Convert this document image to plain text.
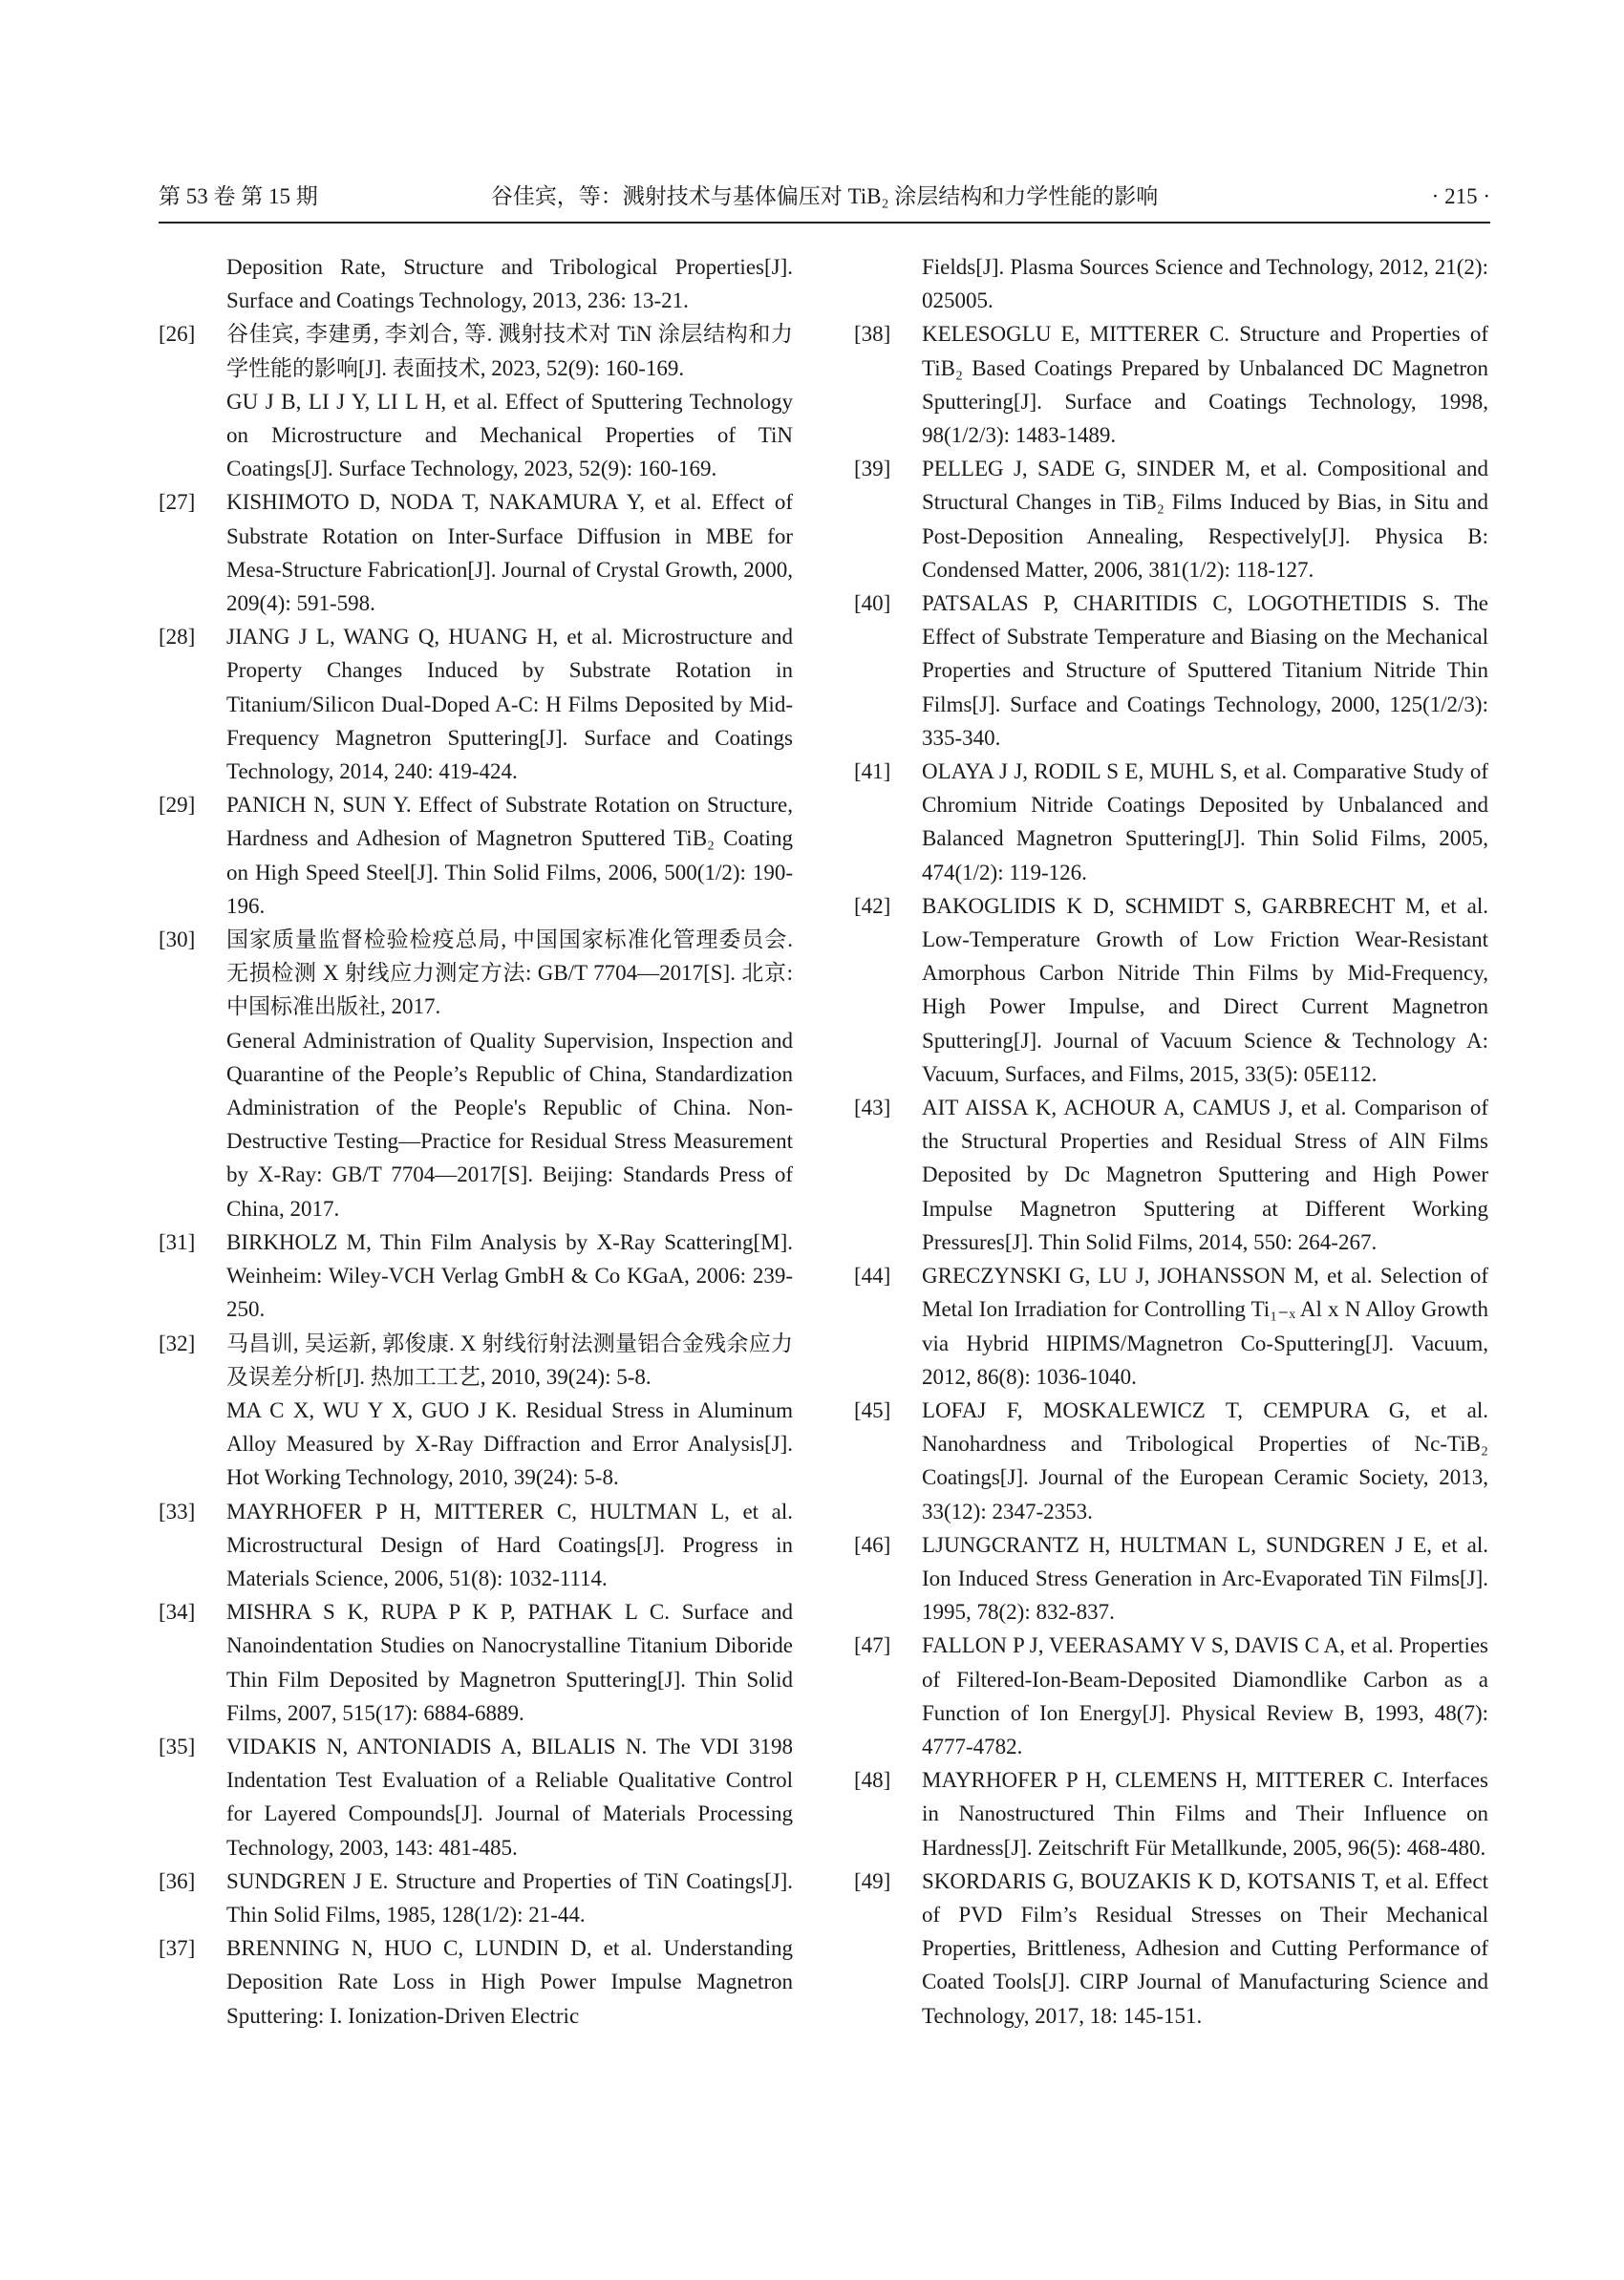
第 53 卷 第 15 期	谷佳宾，等：溅射技术与基体偏压对 TiB₂ 涂层结构和力学性能的影响	· 215 ·

Deposition Rate, Structure and Tribological Properties[J]. Surface and Coatings Technology, 2013, 236: 13-21.

[26] 谷佳宾, 李建勇, 李刘合, 等. 溅射技术对 TiN 涂层结构和力学性能的影响[J]. 表面技术, 2023, 52(9): 160-169.

GU J B, LI J Y, LI L H, et al. Effect of Sputtering Technology on Microstructure and Mechanical Properties of TiN Coatings[J]. Surface Technology, 2023, 52(9): 160-169.

[27] KISHIMOTO D, NODA T, NAKAMURA Y, et al. Effect of Substrate Rotation on Inter-Surface Diffusion in MBE for Mesa-Structure Fabrication[J]. Journal of Crystal Growth, 2000, 209(4): 591-598.

[28] JIANG J L, WANG Q, HUANG H, et al. Microstructure and Property Changes Induced by Substrate Rotation in Titanium/Silicon Dual-Doped A-C: H Films Deposited by Mid-Frequency Magnetron Sputtering[J]. Surface and Coatings Technology, 2014, 240: 419-424.

[29] PANICH N, SUN Y. Effect of Substrate Rotation on Structure, Hardness and Adhesion of Magnetron Sputtered TiB₂ Coating on High Speed Steel[J]. Thin Solid Films, 2006, 500(1/2): 190-196.

[30] 国家质量监督检验检疫总局, 中国国家标准化管理委员会. 无损检测 X 射线应力测定方法: GB/T 7704—2017[S]. 北京: 中国标准出版社, 2017.

General Administration of Quality Supervision, Inspection and Quarantine of the People’s Republic of China, Standardization Administration of the People's Republic of China. Non-Destructive Testing—Practice for Residual Stress Measurement by X-Ray: GB/T 7704—2017[S]. Beijing: Standards Press of China, 2017.

[31] BIRKHOLZ M, Thin Film Analysis by X-Ray Scattering[M]. Weinheim: Wiley-VCH Verlag GmbH & Co KGaA, 2006: 239-250.

[32] 马昌训, 吴运新, 郭俊康. X 射线衍射法测量铝合金残余应力及误差分析[J]. 热加工工艺, 2010, 39(24): 5-8.

MA C X, WU Y X, GUO J K. Residual Stress in Aluminum Alloy Measured by X-Ray Diffraction and Error Analysis[J]. Hot Working Technology, 2010, 39(24): 5-8.

[33] MAYRHOFER P H, MITTERER C, HULTMAN L, et al. Microstructural Design of Hard Coatings[J]. Progress in Materials Science, 2006, 51(8): 1032-1114.

[34] MISHRA S K, RUPA P K P, PATHAK L C. Surface and Nanoindentation Studies on Nanocrystalline Titanium Diboride Thin Film Deposited by Magnetron Sputtering[J]. Thin Solid Films, 2007, 515(17): 6884-6889.

[35] VIDAKIS N, ANTONIADIS A, BILALIS N. The VDI 3198 Indentation Test Evaluation of a Reliable Qualitative Control for Layered Compounds[J]. Journal of Materials Processing Technology, 2003, 143: 481-485.

[36] SUNDGREN J E. Structure and Properties of TiN Coatings[J]. Thin Solid Films, 1985, 128(1/2): 21-44.

[37] BRENNING N, HUO C, LUNDIN D, et al. Understanding Deposition Rate Loss in High Power Impulse Magnetron Sputtering: I. Ionization-Driven Electric

Fields[J]. Plasma Sources Science and Technology, 2012, 21(2): 025005.

[38] KELESOGLU E, MITTERER C. Structure and Properties of TiB₂ Based Coatings Prepared by Unbalanced DC Magnetron Sputtering[J]. Surface and Coatings Technology, 1998, 98(1/2/3): 1483-1489.

[39] PELLEG J, SADE G, SINDER M, et al. Compositional and Structural Changes in TiB₂ Films Induced by Bias, in Situ and Post-Deposition Annealing, Respectively[J]. Physica B: Condensed Matter, 2006, 381(1/2): 118-127.

[40] PATSALAS P, CHARITIDIS C, LOGOTHETIDIS S. The Effect of Substrate Temperature and Biasing on the Mechanical Properties and Structure of Sputtered Titanium Nitride Thin Films[J]. Surface and Coatings Technology, 2000, 125(1/2/3): 335-340.

[41] OLAYA J J, RODIL S E, MUHL S, et al. Comparative Study of Chromium Nitride Coatings Deposited by Unbalanced and Balanced Magnetron Sputtering[J]. Thin Solid Films, 2005, 474(1/2): 119-126.

[42] BAKOGLIDIS K D, SCHMIDT S, GARBRECHT M, et al. Low-Temperature Growth of Low Friction Wear-Resistant Amorphous Carbon Nitride Thin Films by Mid-Frequency, High Power Impulse, and Direct Current Magnetron Sputtering[J]. Journal of Vacuum Science & Technology A: Vacuum, Surfaces, and Films, 2015, 33(5): 05E112.

[43] AIT AISSA K, ACHOUR A, CAMUS J, et al. Comparison of the Structural Properties and Residual Stress of AlN Films Deposited by Dc Magnetron Sputtering and High Power Impulse Magnetron Sputtering at Different Working Pressures[J]. Thin Solid Films, 2014, 550: 264-267.

[44] GRECZYNSKI G, LU J, JOHANSSON M, et al. Selection of Metal Ion Irradiation for Controlling Ti₁₋ₓ Al x N Alloy Growth via Hybrid HIPIMS/Magnetron Co-Sputtering[J]. Vacuum, 2012, 86(8): 1036-1040.

[45] LOFAJ F, MOSKALEWICZ T, CEMPURA G, et al. Nanohardness and Tribological Properties of Nc-TiB₂ Coatings[J]. Journal of the European Ceramic Society, 2013, 33(12): 2347-2353.

[46] LJUNGCRANTZ H, HULTMAN L, SUNDGREN J E, et al. Ion Induced Stress Generation in Arc-Evaporated TiN Films[J]. 1995, 78(2): 832-837.

[47] FALLON P J, VEERASAMY V S, DAVIS C A, et al. Properties of Filtered-Ion-Beam-Deposited Diamondlike Carbon as a Function of Ion Energy[J]. Physical Review B, 1993, 48(7): 4777-4782.

[48] MAYRHOFER P H, CLEMENS H, MITTERER C. Interfaces in Nanostructured Thin Films and Their Influence on Hardness[J]. Zeitschrift Für Metallkunde, 2005, 96(5): 468-480.

[49] SKORDARIS G, BOUZAKIS K D, KOTSANIS T, et al. Effect of PVD Film’s Residual Stresses on Their Mechanical Properties, Brittleness, Adhesion and Cutting Performance of Coated Tools[J]. CIRP Journal of Manufacturing Science and Technology, 2017, 18: 145-151.
